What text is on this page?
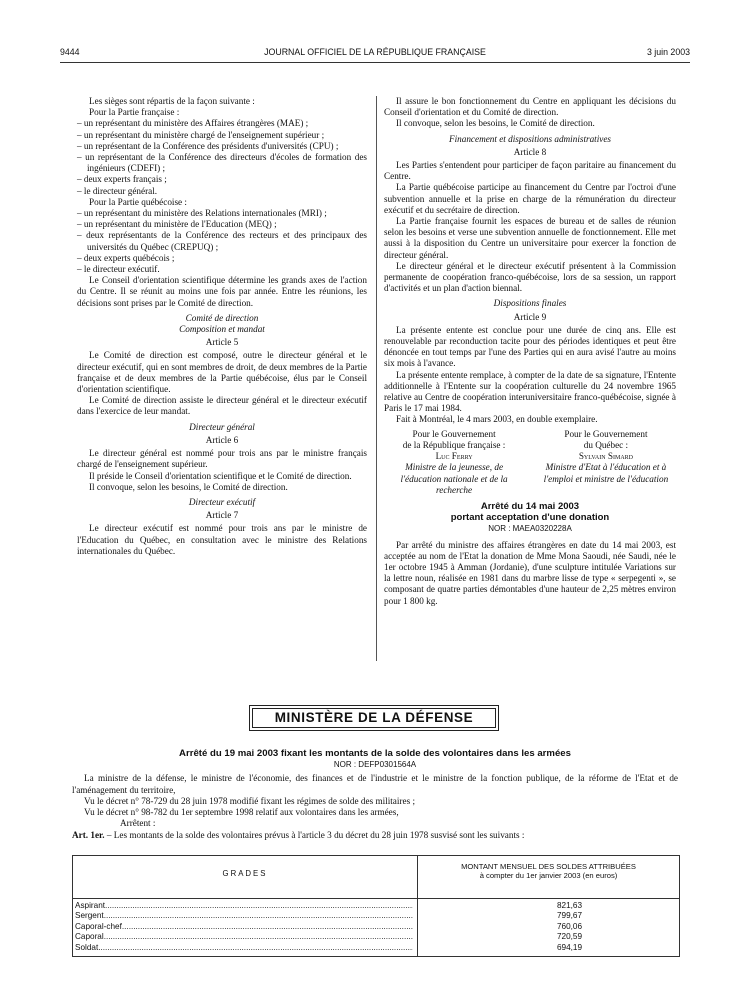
9444	JOURNAL OFFICIEL DE LA RÉPUBLIQUE FRANÇAISE	3 juin 2003

Les sièges sont répartis de la façon suivante :

Pour la Partie française :

– un représentant du ministère des Affaires étrangères (MAE) ;

– un représentant du ministère chargé de l'enseignement supérieur ;

– un représentant de la Conférence des présidents d'universités (CPU) ;

– un représentant de la Conférence des directeurs d'écoles de formation des ingénieurs (CDEFI) ;

– deux experts français ;

– le directeur général.

Pour la Partie québécoise :

– un représentant du ministère des Relations internationales (MRI) ;

– un représentant du ministère de l'Education (MEQ) ;

– deux représentants de la Conférence des recteurs et des principaux des universités du Québec (CREPUQ) ;

– deux experts québécois ;

– le directeur exécutif.

Le Conseil d'orientation scientifique détermine les grands axes de l'action du Centre. Il se réunit au moins une fois par année. Entre les réunions, les décisions sont prises par le Comité de direction.

Comité de direction

Composition et mandat

Article 5

Le Comité de direction est composé, outre le directeur général et le directeur exécutif, qui en sont membres de droit, de deux membres de la Partie française et de deux membres de la Partie québécoise, élus par le Conseil d'orientation scientifique.

Le Comité de direction assiste le directeur général et le directeur exécutif dans l'exercice de leur mandat.

Directeur général

Article 6

Le directeur général est nommé pour trois ans par le ministre français chargé de l'enseignement supérieur.

Il préside le Conseil d'orientation scientifique et le Comité de direction.

Il convoque, selon les besoins, le Comité de direction.

Directeur exécutif

Article 7

Le directeur exécutif est nommé pour trois ans par le ministre de l'Education du Québec, en consultation avec le ministre des Relations internationales du Québec.

Il assure le bon fonctionnement du Centre en appliquant les décisions du Conseil d'orientation et du Comité de direction.

Il convoque, selon les besoins, le Comité de direction.

Financement et dispositions administratives

Article 8

Les Parties s'entendent pour participer de façon paritaire au financement du Centre.

La Partie québécoise participe au financement du Centre par l'octroi d'une subvention annuelle et la prise en charge de la rémunération du directeur exécutif et du secrétaire de direction.

La Partie française fournit les espaces de bureau et de salles de réunion selon les besoins et verse une subvention annuelle de fonctionnement. Elle met aussi à la disposition du Centre un universitaire pour exercer la fonction de directeur général.

Le directeur général et le directeur exécutif présentent à la Commission permanente de coopération franco-québécoise, lors de sa session, un rapport d'activités et un plan d'action biennal.

Dispositions finales

Article 9

La présente entente est conclue pour une durée de cinq ans. Elle est renouvelable par reconduction tacite pour des périodes identiques et peut être dénoncée en tout temps par l'une des Parties qui en aura avisé l'autre au moins six mois à l'avance.

La présente entente remplace, à compter de la date de sa signature, l'Entente additionnelle à l'Entente sur la coopération culturelle du 24 novembre 1965 relative au Centre de coopération interuniversitaire franco-québécoise, signée à Paris le 17 mai 1984.

Fait à Montréal, le 4 mars 2003, en double exemplaire.

Pour le Gouvernement
de la République française :
Luc Ferry
Ministre de la jeunesse, de l'éducation nationale et de la recherche
Pour le Gouvernement
du Québec :
Sylvain Simard
Ministre d'Etat à l'éducation et à l'emploi et ministre de l'éducation
Arrêté du 14 mai 2003
portant acceptation d'une donation
NOR : MAEA0320228A

Par arrêté du ministre des affaires étrangères en date du 14 mai 2003, est acceptée au nom de l'Etat la donation de Mme Mona Saoudi, née Saudi, née le 1er octobre 1945 à Amman (Jordanie), d'une sculpture intitulée Variations sur la lettre noun, réalisée en 1981 dans du marbre lisse de type « serpegenti », se composant de quatre parties démontables d'une hauteur de 2,25 mètres environ pour 1 800 kg.

MINISTÈRE DE LA DÉFENSE
Arrêté du 19 mai 2003 fixant les montants de la solde des volontaires dans les armées
NOR : DEFP0301564A

La ministre de la défense, le ministre de l'économie, des finances et de l'industrie et le ministre de la fonction publique, de la réforme de l'Etat et de l'aménagement du territoire,

Vu le décret n° 78-729 du 28 juin 1978 modifié fixant les régimes de solde des militaires ;

Vu le décret n° 98-782 du 1er septembre 1998 relatif aux volontaires dans les armées,

Arrêtent :

Art. 1er. – Les montants de la solde des volontaires prévus à l'article 3 du décret du 28 juin 1978 susvisé sont les suivants :

GRADES
MONTANT MENSUEL DES SOLDES ATTRIBUÉES
à compter du 1er janvier 2003 (en euros)
Aspirant .....	821,63
Sergent .....	799,67
Caporal-chef .....	760,06
Caporal .....	720,59
Soldat .....	694,19
